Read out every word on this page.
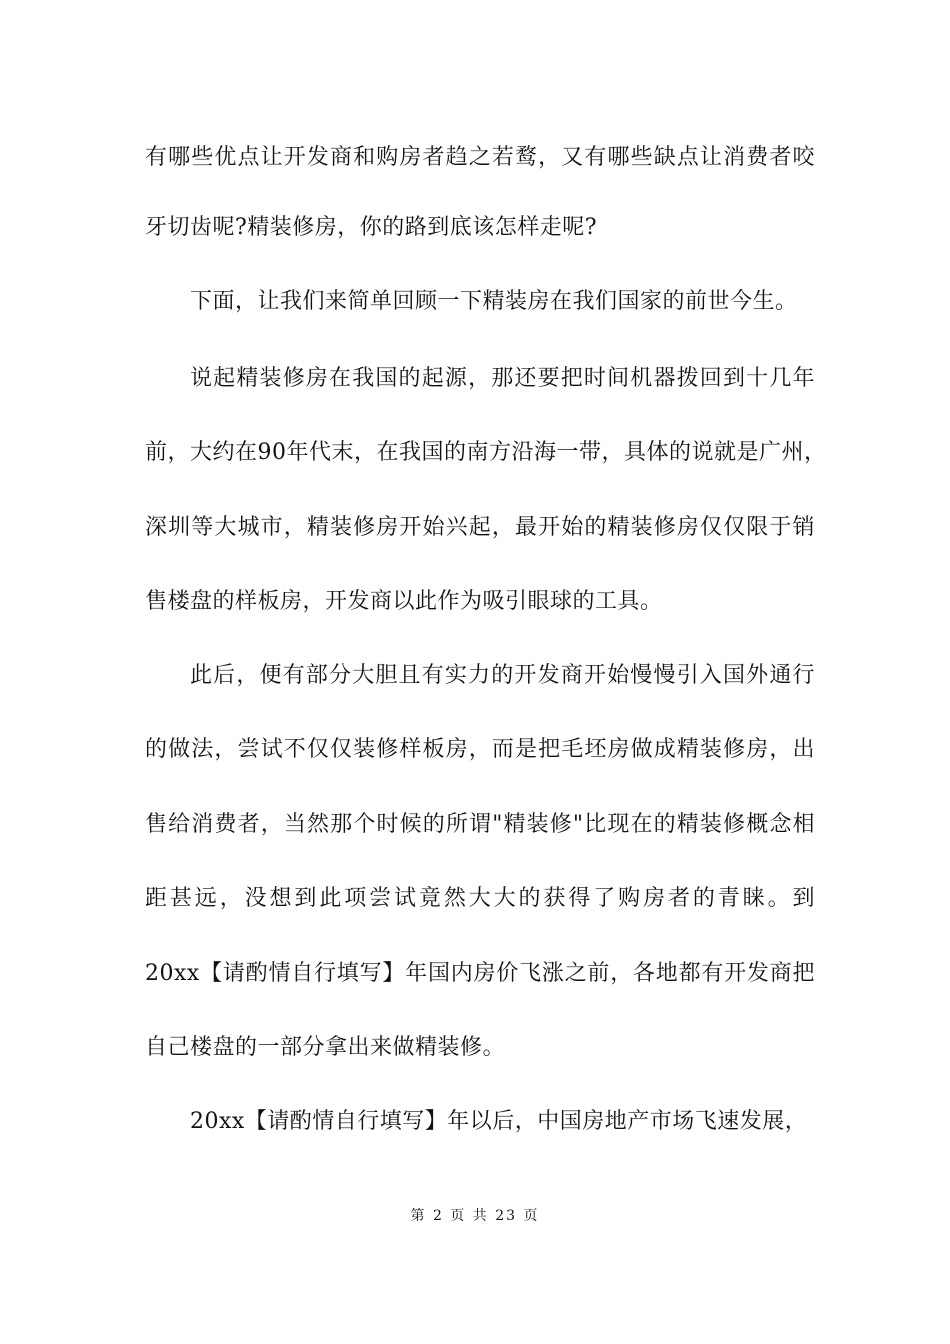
有哪些优点让开发商和购房者趋之若鹜，又有哪些缺点让消费者咬
牙切齿呢?精装修房，你的路到底该怎样走呢?
下面，让我们来简单回顾一下精装房在我们国家的前世今生。
说起精装修房在我国的起源，那还要把时间机器拨回到十几年
前，大约在90年代末，在我国的南方沿海一带，具体的说就是广州，
深圳等大城市，精装修房开始兴起，最开始的精装修房仅仅限于销
售楼盘的样板房，开发商以此作为吸引眼球的工具。
此后，便有部分大胆且有实力的开发商开始慢慢引入国外通行
的做法，尝试不仅仅装修样板房，而是把毛坯房做成精装修房，出
售给消费者，当然那个时候的所谓"精装修"比现在的精装修概念相
距甚远，没想到此项尝试竟然大大的获得了购房者的青睐。到
20xx【请酌情自行填写】年国内房价飞涨之前，各地都有开发商把
自己楼盘的一部分拿出来做精装修。
20xx【请酌情自行填写】年以后，中国房地产市场飞速发展，
第 2 页 共 23 页
